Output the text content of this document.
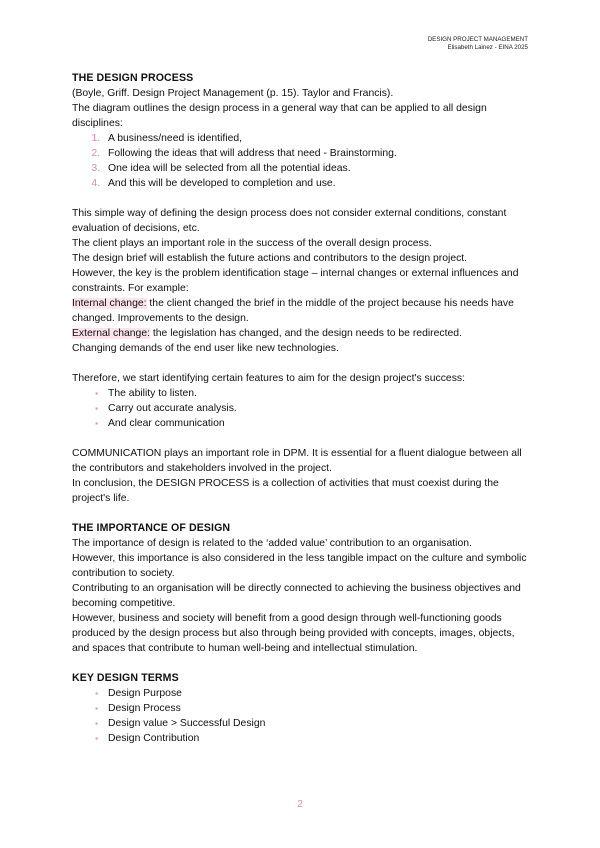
DESIGN PROJECT MANAGEMENT
Elisabeth Lainez - EINA 2025

THE DESIGN PROCESS

(Boyle, Griff. Design Project Management (p. 15). Taylor and Francis).

The diagram outlines the design process in a general way that can be applied to all design disciplines:

1. A business/need is identified,
2. Following the ideas that will address that need - Brainstorming.
3. One idea will be selected from all the potential ideas.
4. And this will be developed to completion and use.

This simple way of defining the design process does not consider external conditions, constant evaluation of decisions, etc.

The client plays an important role in the success of the overall design process.

The design brief will establish the future actions and contributors to the design project.

However, the key is the problem identification stage – internal changes or external influences and constraints. For example:

Internal change: the client changed the brief in the middle of the project because his needs have changed. Improvements to the design.

External change: the legislation has changed, and the design needs to be redirected.

Changing demands of the end user like new technologies.

Therefore, we start identifying certain features to aim for the design project's success:

▪ The ability to listen.
▪ Carry out accurate analysis.
▪ And clear communication

COMMUNICATION plays an important role in DPM. It is essential for a fluent dialogue between all the contributors and stakeholders involved in the project.

In conclusion, the DESIGN PROCESS is a collection of activities that must coexist during the project's life.

THE IMPORTANCE OF DESIGN

The importance of design is related to the ‘added value’ contribution to an organisation.

However, this importance is also considered in the less tangible impact on the culture and symbolic contribution to society.

Contributing to an organisation will be directly connected to achieving the business objectives and becoming competitive.

However, business and society will benefit from a good design through well-functioning goods produced by the design process but also through being provided with concepts, images, objects, and spaces that contribute to human well-being and intellectual stimulation.

KEY DESIGN TERMS

▪ Design Purpose
▪ Design Process
▪ Design value > Successful Design
▪ Design Contribution
2
